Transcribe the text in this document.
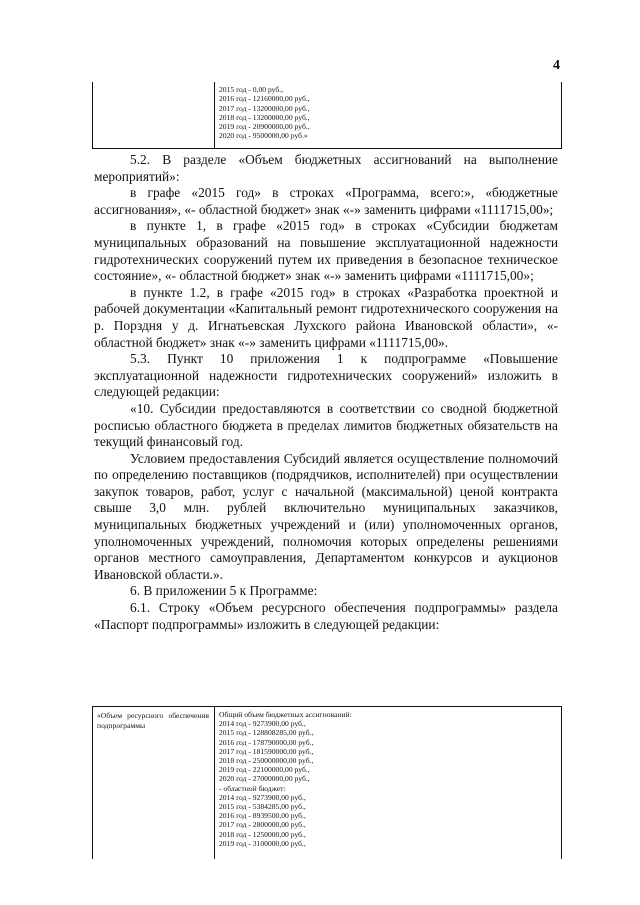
4
2015 год - 0,00 руб.,
2016 год - 12160000,00 руб.,
2017 год - 13200000,00 руб.,
2018 год - 13200000,00 руб.,
2019 год - 20900000,00 руб.,
2020 год - 9500000,00 руб.»

5.2. В разделе «Объем бюджетных ассигнований на выполнение мероприятий»:

в графе «2015 год» в строках «Программа, всего:», «бюджетные ассигнования», «- областной бюджет» знак «-» заменить цифрами «1111715,00»;

в пункте 1, в графе «2015 год» в строках «Субсидии бюджетам муниципальных образований на повышение эксплуатационной надежности гидротехнических сооружений путем их приведения в безопасное техническое состояние», «- областной бюджет» знак «-» заменить цифрами «1111715,00»;

в пункте 1.2, в графе «2015 год» в строках «Разработка проектной и рабочей документации «Капитальный ремонт гидротехнического сооружения на р. Порздня у д. Игнатьевская Лухского района Ивановской области», «- областной бюджет» знак «-» заменить цифрами «1111715,00».

5.3. Пункт 10 приложения 1 к подпрограмме «Повышение эксплуатационной надежности гидротехнических сооружений» изложить в следующей редакции:

«10. Субсидии предоставляются в соответствии со сводной бюджетной росписью областного бюджета в пределах лимитов бюджетных обязательств на текущий финансовый год.

Условием предоставления Субсидий является осуществление полномочий по определению поставщиков (подрядчиков, исполнителей) при осуществлении закупок товаров, работ, услуг с начальной (максимальной) ценой контракта свыше 3,0 млн. рублей включительно муниципальных заказчиков, муниципальных бюджетных учреждений и (или) уполномоченных органов, уполномоченных учреждений, полномочия которых определены решениями органов местного самоуправления, Департаментом конкурсов и аукционов Ивановской области.».

6. В приложении 5 к Программе:

6.1. Строку «Объем ресурсного обеспечения подпрограммы» раздела «Паспорт подпрограммы» изложить в следующей редакции:

«Объем ресурсного обеспечения подпрограммы
Общий объем бюджетных ассигнований:
2014 год - 9273900,00 руб.,
2015 год - 128808285,00 руб.,
2016 год - 178790000,00 руб.,
2017 год - 181590000,00 руб.,
2018 год - 250000000,00 руб.,
2019 год - 22100000,00 руб.,
2020 год - 27000000,00 руб.,
- областной бюджет:
2014 год - 9273900,00 руб.,
2015 год - 5384285,00 руб.,
2016 год - 8939500,00 руб.,
2017 год - 2800000,00 руб.,
2018 год - 1250000,00 руб.,
2019 год - 3100000,00 руб.,
